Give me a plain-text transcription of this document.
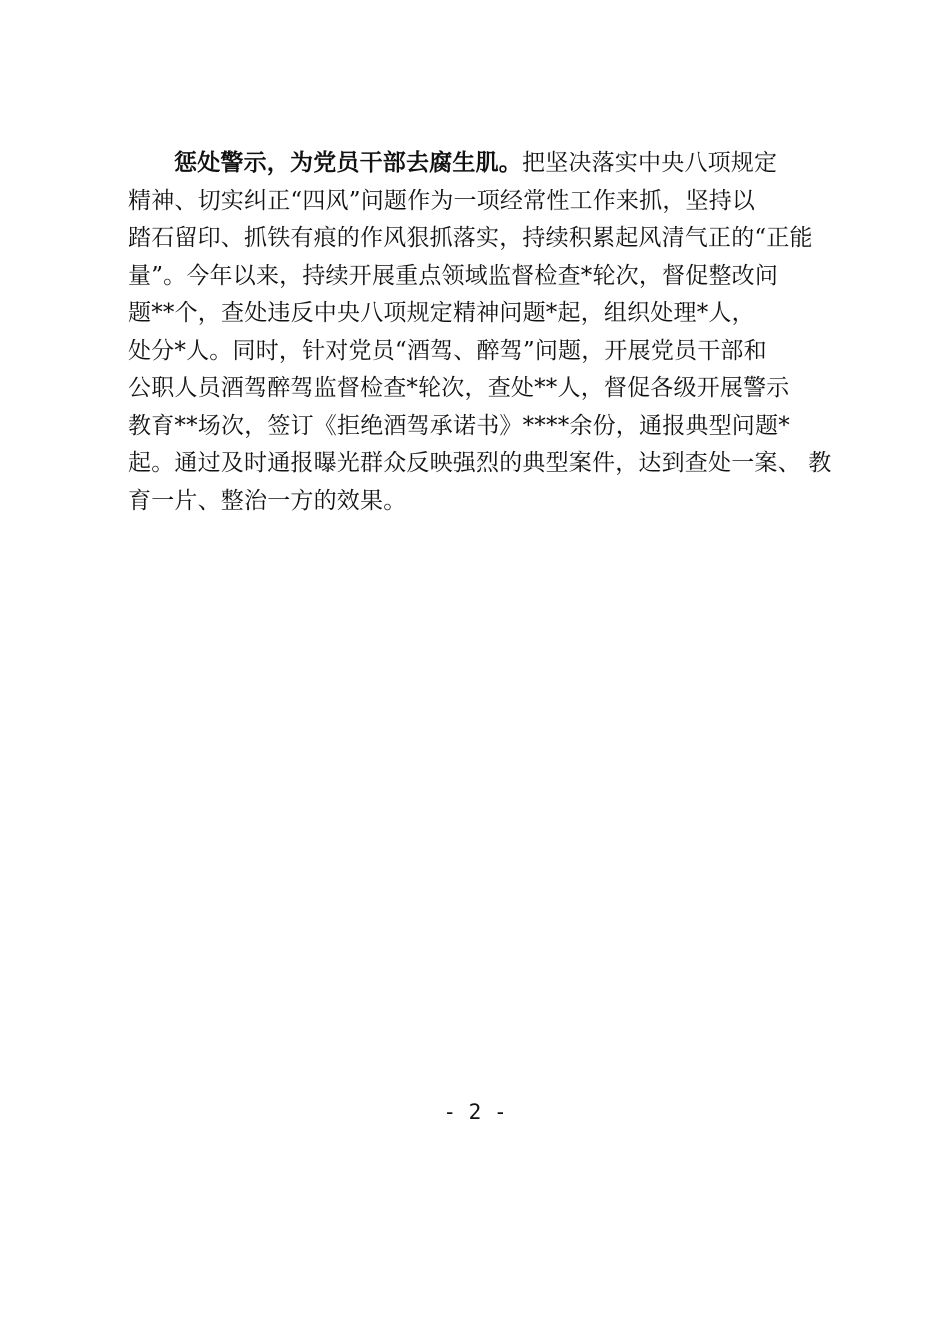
惩处警示，为党员干部去腐生肌。把坚决落实中央八项规定
精神、切实纠正“四风”问题作为一项经常性工作来抓，坚持以
踏石留印、抓铁有痕的作风狠抓落实，持续积累起风清气正的“正能
量”。今年以来，持续开展重点领域监督检查*轮次，督促整改问
题**个，查处违反中央八项规定精神问题*起，组织处理*人，
处分*人。同时，针对党员“酒驾、醉驾”问题，开展党员干部和
公职人员酒驾醉驾监督检查*轮次，查处**人，督促各级开展警示
教育**场次，签订《拒绝酒驾承诺书》****余份，通报典型问题*
起。通过及时通报曝光群众反映强烈的典型案件，达到查处一案、 教
育一片、整治一方的效果。
- 2 -
